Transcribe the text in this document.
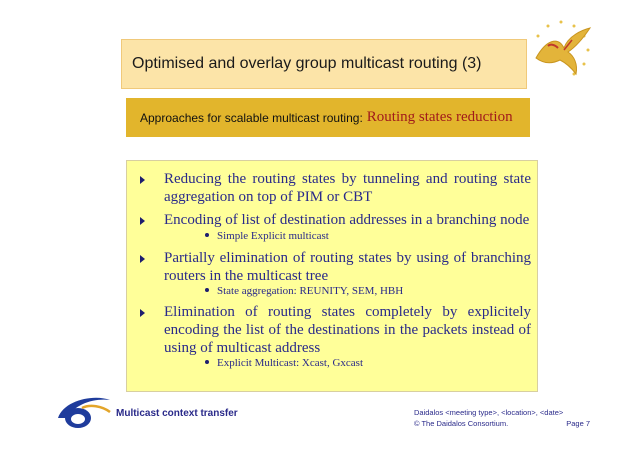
Optimised and overlay group multicast routing (3)
Approaches for scalable multicast routing: Routing states reduction
Reducing the routing states by tunneling and routing state aggregation on top of PIM or CBT
Encoding of list of destination addresses in a branching node
Simple Explicit multicast
Partially elimination of routing states by using of branching routers in the multicast tree
State aggregation: REUNITY, SEM, HBH
Elimination of routing states completely by explicitely encoding the list of the destinations in the packets instead of using of multicast address
Explicit Multicast: Xcast, Gxcast
Multicast context transfer	Daidalos <meeting type>, <location>, <date>
© The Daidalos Consortium.	Page 7
